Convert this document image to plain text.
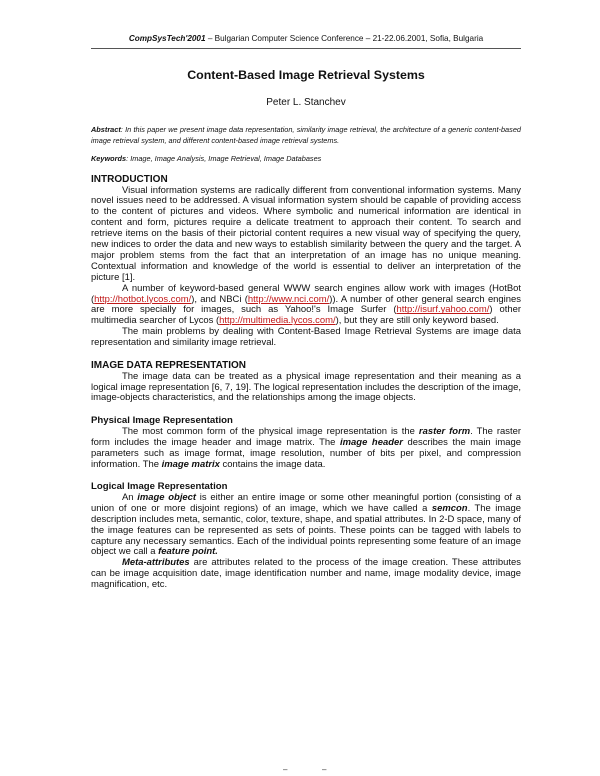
CompSysTech'2001 – Bulgarian Computer Science Conference – 21-22.06.2001, Sofia, Bulgaria
Content-Based Image Retrieval Systems
Peter L. Stanchev
Abstract: In this paper we present image data representation, similarity image retrieval, the architecture of a generic content-based image retrieval system, and different content-based image retrieval systems.
Keywords: Image, Image Analysis, Image Retrieval, Image Databases
INTRODUCTION

Visual information systems are radically different from conventional information systems. Many novel issues need to be addressed. A visual information system should be capable of providing access to the content of pictures and videos. Where symbolic and numerical information are identical in content and form, pictures require a delicate treatment to approach their content. To search and retrieve items on the basis of their pictorial content requires a new visual way of specifying the query, new indices to order the data and new ways to establish similarity between the query and the target. A major problem stems from the fact that an interpretation of an image has no unique meaning. Contextual information and knowledge of the world is essential to deliver an interpretation of the picture [1].

A number of keyword-based general WWW search engines allow work with images (HotBot (http://hotbot.lycos.com/), and NBCi (http://www.nci.com/)). A number of other general search engines are more specially for images, such as Yahoo!'s Image Surfer (http://isurf.yahoo.com/) other multimedia searcher of Lycos (http://multimedia.lycos.com/), but they are still only keyword based.

The main problems by dealing with Content-Based Image Retrieval Systems are image data representation and similarity image retrieval.

IMAGE DATA REPRESENTATION

The image data can be treated as a physical image representation and their meaning as a logical image representation [6, 7, 19]. The logical representation includes the description of the image, image-objects characteristics, and the relationships among the image objects.

Physical Image Representation

The most common form of the physical image representation is the raster form. The raster form includes the image header and image matrix. The image header describes the main image parameters such as image format, image resolution, number of bits per pixel, and compression information. The image matrix contains the image data.

Logical Image Representation

An image object is either an entire image or some other meaningful portion (consisting of a union of one or more disjoint regions) of an image, which we have called a semcon. The image description includes meta, semantic, color, texture, shape, and spatial attributes. In 2-D space, many of the image features can be represented as sets of points. These points can be tagged with labels to capture any necessary semantics. Each of the individual points representing some feature of an image object we call a feature point.

Meta-attributes are attributes related to the process of the image creation. These attributes can be image acquisition date, image identification number and name, image modality device, image magnification, etc.

–	–
